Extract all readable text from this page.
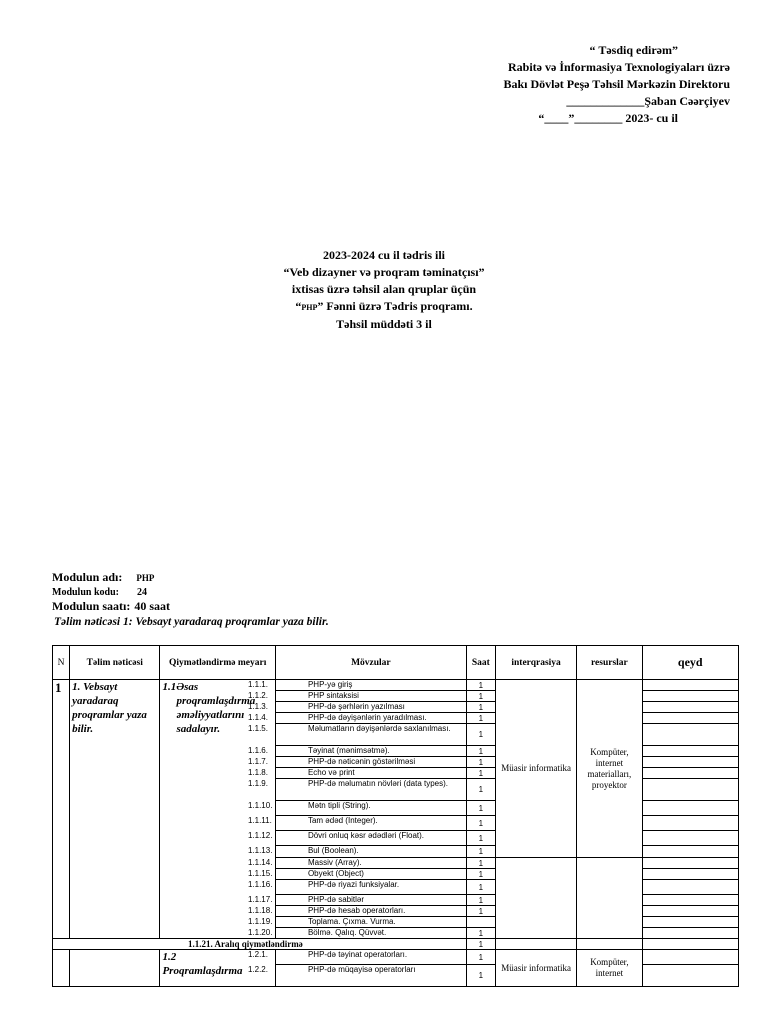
“ Təsdiq edirəm”
Rabitə və İnformasiya Texnologiyaları üzrə
Bakı Dövlət Peşə Təhsil Mərkəzin Direktoru
_____________Şaban Cəərçiyev
“____”________ 2023- cu il
2023-2024 cu il tədris ili
“Veb dizayner və proqram təminatçısı”
ixtisas üzrə təhsil alan qruplar üçün
“PHP” Fənni üzrə Tədris proqramı.
Təhsil müddəti 3 il
Modulun adı: PHP
Modulun kodu: 24
Modulun saatı: 40 saat
Təlim nəticəsi 1: Vebsayt yaradaraq proqramlar yaza bilir.
N	Təlim nəticəsi	Qiymətləndirmə meyarı	Mövzular	Saat	interqrasiya	resurslar	qeyd
1	1. Vebsayt yaradaraq proqramlar yaza bilir.	1.1Əsas proqramlaşdırma əməliyyatlarını sadalayır.	1.1.1. PHP-yə giriş	1	Müasir informatika	Kompüter, internet materialları, proyektor	

			1.1.2. PHP sintaksisi	1			

			1.1.3. PHP-də şərhlərin yazılması	1			

			1.1.4. PHP-də dəyişənlərin yaradılması.	1			

			1.1.5. Məlumatların dəyişənlərdə saxlanılması.	1			

			1.1.6. Təyinat (mənimsətmə).	1			

			1.1.7. PHP-də nəticənin göstərilməsi	1			

			1.1.8. Echo və print	1			

			1.1.9. PHP-də məlumatın növləri (data types).	1			

			1.1.10. Mətn tipli (String).	1			

			1.1.11. Tam ədəd (Integer).	1			

			1.1.12. Dövri onluq kəsr ədədləri (Float).	1			

			1.1.13. Bul (Boolean).	1			

			1.1.14. Massiv (Array).	1			

			1.1.15. Obyekt (Object)	1			

			1.1.16. PHP-də riyazi funksiyalar.	1			

			1.1.17. PHP-də sabitlər	1			

			1.1.18. PHP-də hesab operatorları.	1			

			1.1.19. Toplama. Çıxma. Vurma.				

			1.1.20. Bölmə. Qalıq. Qüvvət.	1			
1.1.21. Aralıq qiymətləndirmə				1			

		1.2
Proqramlaşdırma	1.2.1. PHP-də təyinat operatorları.	1	Müasir informatika	Kompüter, internet	

			1.2.2. PHP-də müqayisə operatorları	1			
